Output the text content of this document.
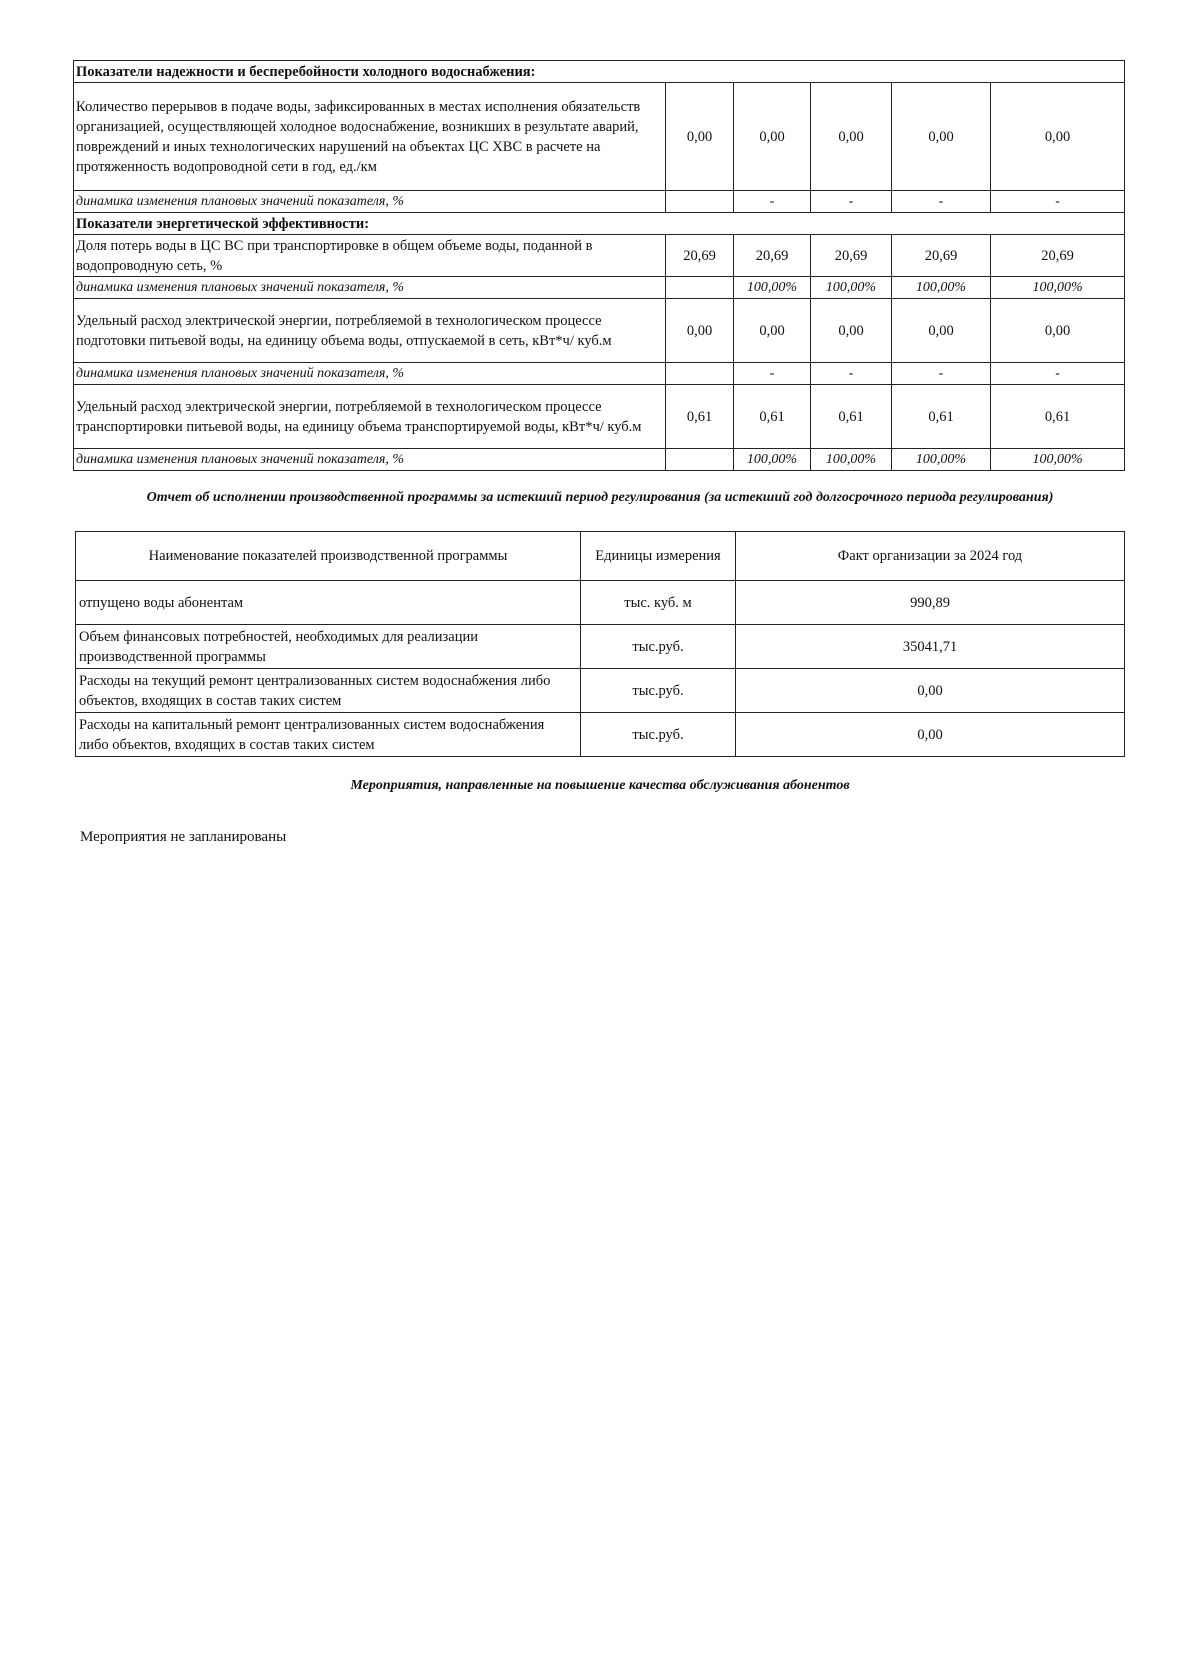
Показатели надежности и бесперебойности холодного водоснабжения:					
Количество перерывов в подаче воды, зафиксированных в местах исполнения обязательств организацией, осуществляющей холодное водоснабжение, возникших в результате аварий, повреждений и иных технологических нарушений на объектах ЦС ХВС в расчете на протяженность водопроводной сети в год, ед./км	0,00	0,00	0,00	0,00	0,00
динамика изменения плановых значений показателя, %		-	-	-	-
Показатели энергетической эффективности:					
Доля потерь воды в ЦС ВС при транспортировке в общем объеме воды, поданной в водопроводную сеть, %	20,69	20,69	20,69	20,69	20,69
динамика изменения плановых значений показателя, %		100,00%	100,00%	100,00%	100,00%
Удельный расход электрической энергии, потребляемой в технологическом процессе подготовки питьевой воды, на единицу объема воды, отпускаемой в сеть, кВт*ч/ куб.м	0,00	0,00	0,00	0,00	0,00
динамика изменения плановых значений показателя, %		-	-	-	-
Удельный расход электрической энергии, потребляемой в технологическом процессе транспортировки питьевой воды, на единицу объема транспортируемой воды, кВт*ч/ куб.м	0,61	0,61	0,61	0,61	0,61
динамика изменения плановых значений показателя, %		100,00%	100,00%	100,00%	100,00%
Отчет об исполнении производственной программы за истекший период регулирования (за истекший год долгосрочного периода регулирования)
Наименование показателей производственной программы	Единицы измерения	Факт организации за 2024 год
отпущено воды абонентам	тыс. куб. м	990,89
Объем финансовых потребностей, необходимых для реализации производственной программы	тыс.руб.	35041,71
Расходы на текущий ремонт централизованных систем водоснабжения либо объектов, входящих в состав таких систем	тыс.руб.	0,00
Расходы на капитальный ремонт централизованных систем водоснабжения либо объектов, входящих в состав таких систем	тыс.руб.	0,00
Мероприятия, направленные на повышение качества обслуживания абонентов
Мероприятия не запланированы
